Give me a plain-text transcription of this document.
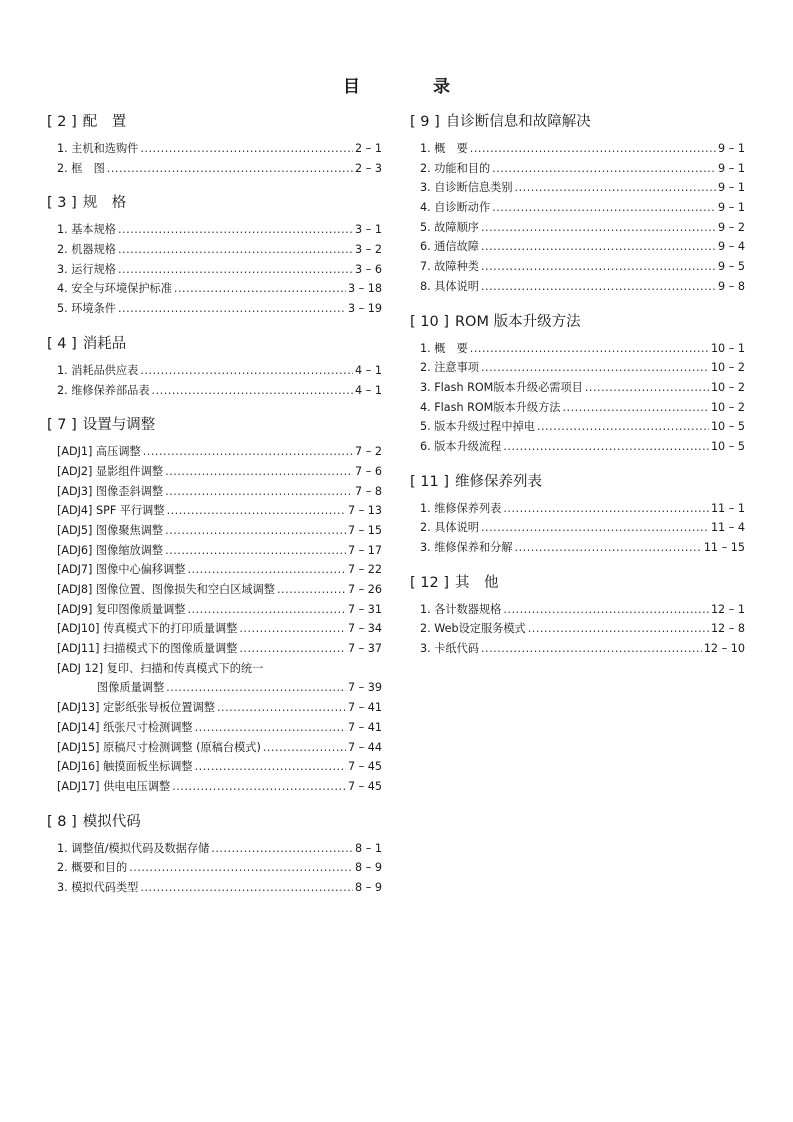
目　录
[ 2 ] 配　置
1. 主机和选购件 .....	2 – 1
2. 框　图 .....	2 – 3
[ 3 ] 规　格
1. 基本规格 .....	3 – 1
2. 机器规格 .....	3 – 2
3. 运行规格 .....	3 – 6
4. 安全与环境保护标准 .....	3 – 18
5. 环境条件 .....	3 – 19
[ 4 ] 消耗品
1. 消耗品供应表 .....	4 – 1
2. 维修保养部品表 .....	4 – 1
[ 7 ] 设置与调整
[ADJ1] 高压调整 .....	7 – 2
[ADJ2] 显影组件调整 .....	7 – 6
[ADJ3] 图像歪斜调整 .....	7 – 8
[ADJ4] SPF 平行调整 .....	7 – 13
[ADJ5] 图像聚焦调整 .....	7 – 15
[ADJ6] 图像缩放调整 .....	7 – 17
[ADJ7] 图像中心偏移调整 .....	7 – 22
[ADJ8] 图像位置、图像损失和空白区域调整 .....	7 – 26
[ADJ9] 复印图像质量调整 .....	7 – 31
[ADJ10] 传真模式下的打印质量调整 .....	7 – 34
[ADJ11] 扫描模式下的图像质量调整 .....	7 – 37
[ADJ 12] 复印、扫描和传真模式下的统一
图像质量调整 .....	7 – 39
[ADJ13] 定影纸张导板位置调整 .....	7 – 41
[ADJ14] 纸张尺寸检测调整 .....	7 – 41
[ADJ15] 原稿尺寸检测调整 (原稿台模式) .....	7 – 44
[ADJ16] 触摸面板坐标调整 .....	7 – 45
[ADJ17] 供电电压调整 .....	7 – 45
[ 8 ] 模拟代码
1. 调整值/模拟代码及数据存储 .....	8 – 1
2. 概要和目的 .....	8 – 9
3. 模拟代码类型 .....	8 – 9
[ 9 ] 自诊断信息和故障解决
1. 概　要 .....	9 – 1
2. 功能和目的 .....	9 – 1
3. 自诊断信息类别 .....	9 – 1
4. 自诊断动作 .....	9 – 1
5. 故障顺序 .....	9 – 2
6. 通信故障 .....	9 – 4
7. 故障种类 .....	9 – 5
8. 具体说明 .....	9 – 8
[ 10 ] ROM 版本升级方法
1. 概　要 .....	10 – 1
2. 注意事项 .....	10 – 2
3. Flash ROM版本升级必需项目 .....	10 – 2
4. Flash ROM版本升级方法 .....	10 – 2
5. 版本升级过程中掉电 .....	10 – 5
6. 版本升级流程 .....	10 – 5
[ 11 ] 维修保养列表
1. 维修保养列表 .....	11 – 1
2. 具体说明 .....	11 – 4
3. 维修保养和分解 .....	11 – 15
[ 12 ] 其　他
1. 各计数器规格 .....	12 – 1
2. Web设定服务模式 .....	12 – 8
3. 卡纸代码 .....	12 – 10
